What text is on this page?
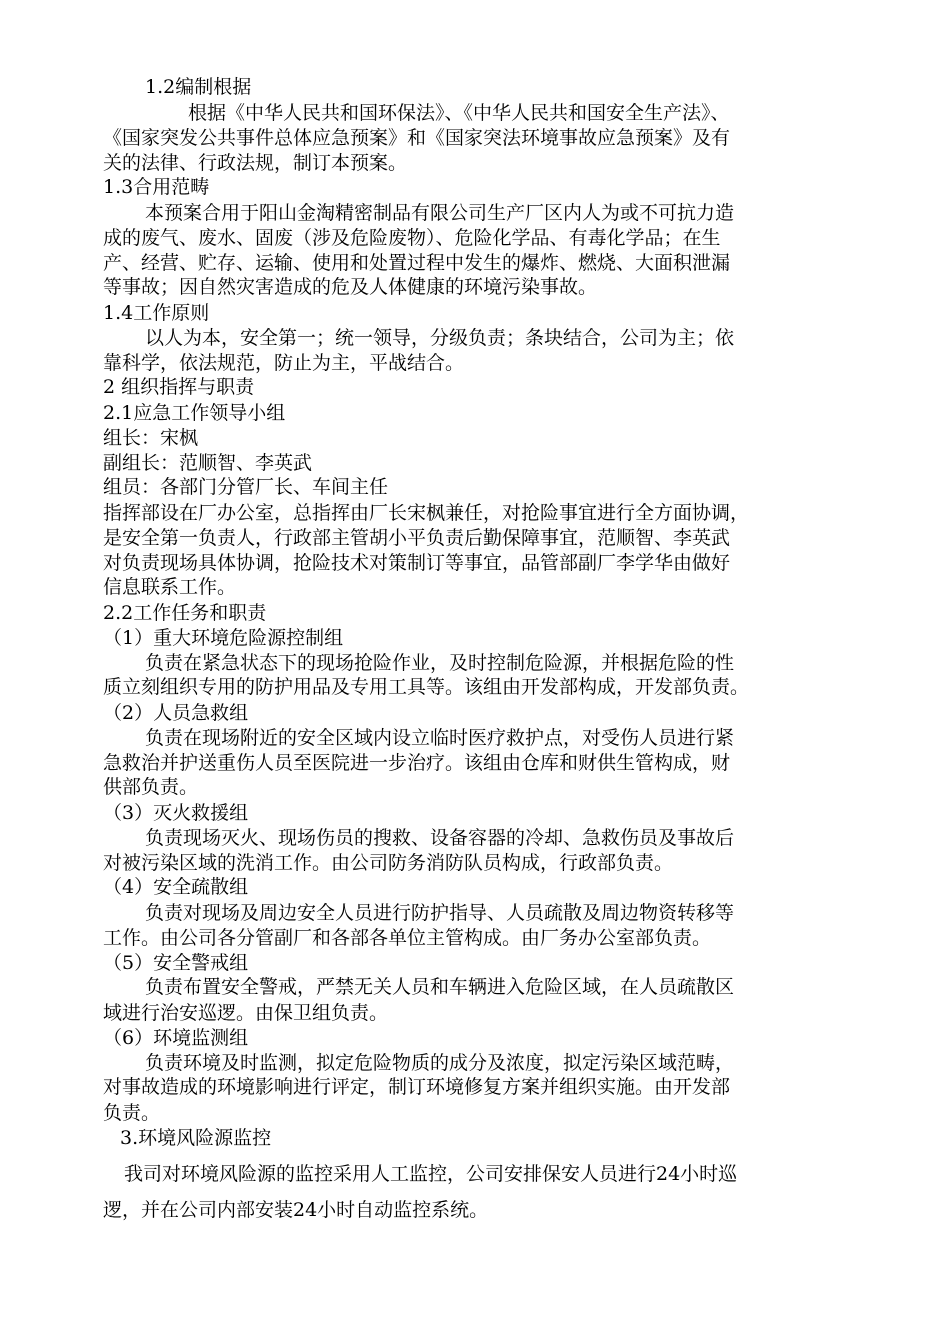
1.2编制根据
根据《中华人民共和国环保法》、《中华人民共和国安全生产法》、
《国家突发公共事件总体应急预案》和《国家突法环境事故应急预案》及有
关的法律、行政法规，制订本预案。
1.3合用范畴
本预案合用于阳山金淘精密制品有限公司生产厂区内人为或不可抗力造
成的废气、废水、固废（涉及危险废物）、危险化学品、有毒化学品；在生
产、经营、贮存、运输、使用和处置过程中发生的爆炸、燃烧、大面积泄漏
等事故；因自然灾害造成的危及人体健康的环境污染事故。
1.4工作原则
以人为本，安全第一；统一领导，分级负责；条块结合，公司为主；依
靠科学，依法规范，防止为主，平战结合。
2 组织指挥与职责
2.1应急工作领导小组
组长：宋枫
副组长：范顺智、李英武
组员：各部门分管厂长、车间主任
指挥部设在厂办公室，总指挥由厂长宋枫兼任，对抢险事宜进行全方面协调，
是安全第一负责人，行政部主管胡小平负责后勤保障事宜，范顺智、李英武
对负责现场具体协调，抢险技术对策制订等事宜，品管部副厂李学华由做好
信息联系工作。
2.2工作任务和职责
（1）重大环境危险源控制组
负责在紧急状态下的现场抢险作业，及时控制危险源，并根据危险的性
质立刻组织专用的防护用品及专用工具等。该组由开发部构成，开发部负责。
（2）人员急救组
负责在现场附近的安全区域内设立临时医疗救护点，对受伤人员进行紧
急救治并护送重伤人员至医院进一步治疗。该组由仓库和财供生管构成，财
供部负责。
（3）灭火救援组
负责现场灭火、现场伤员的搜救、设备容器的冷却、急救伤员及事故后
对被污染区域的洗消工作。由公司防务消防队员构成，行政部负责。
（4）安全疏散组
负责对现场及周边安全人员进行防护指导、人员疏散及周边物资转移等
工作。由公司各分管副厂和各部各单位主管构成。由厂务办公室部负责。
（5）安全警戒组
负责布置安全警戒，严禁无关人员和车辆进入危险区域，在人员疏散区
域进行治安巡逻。由保卫组负责。
（6）环境监测组
负责环境及时监测，拟定危险物质的成分及浓度，拟定污染区域范畴，
对事故造成的环境影响进行评定，制订环境修复方案并组织实施。由开发部
负责。
3.环境风险源监控
我司对环境风险源的监控采用人工监控，公司安排保安人员进行24小时巡
逻，并在公司内部安装24小时自动监控系统。
